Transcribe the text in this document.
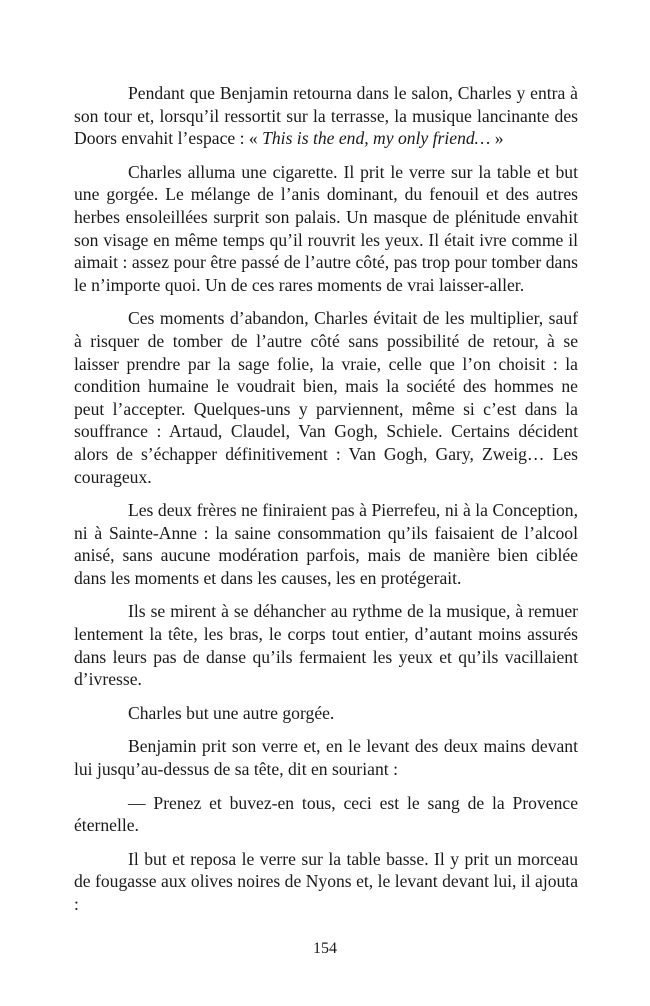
Pendant que Benjamin retourna dans le salon, Charles y entra à son tour et, lorsqu’il ressortit sur la terrasse, la musique lancinante des Doors envahit l’espace : « This is the end, my only friend… »

Charles alluma une cigarette. Il prit le verre sur la table et but une gorgée. Le mélange de l’anis dominant, du fenouil et des autres herbes ensoleillées surprit son palais. Un masque de plénitude envahit son visage en même temps qu’il rouvrit les yeux. Il était ivre comme il aimait : assez pour être passé de l’autre côté, pas trop pour tomber dans le n’importe quoi. Un de ces rares moments de vrai laisser-aller.

Ces moments d’abandon, Charles évitait de les multiplier, sauf à risquer de tomber de l’autre côté sans possibilité de retour, à se laisser prendre par la sage folie, la vraie, celle que l’on choisit : la condition humaine le voudrait bien, mais la société des hommes ne peut l’accepter. Quelques-uns y parviennent, même si c’est dans la souffrance : Artaud, Claudel, Van Gogh, Schiele. Certains décident alors de s’échapper définitivement : Van Gogh, Gary, Zweig… Les courageux.

Les deux frères ne finiraient pas à Pierrefeu, ni à la Conception, ni à Sainte-Anne : la saine consommation qu’ils faisaient de l’alcool anisé, sans aucune modération parfois, mais de manière bien ciblée dans les moments et dans les causes, les en protégerait.

Ils se mirent à se déhancher au rythme de la musique, à remuer lentement la tête, les bras, le corps tout entier, d’autant moins assurés dans leurs pas de danse qu’ils fermaient les yeux et qu’ils vacillaient d’ivresse.

Charles but une autre gorgée.

Benjamin prit son verre et, en le levant des deux mains devant lui jusqu’au-dessus de sa tête, dit en souriant :

— Prenez et buvez-en tous, ceci est le sang de la Provence éternelle.

Il but et reposa le verre sur la table basse. Il y prit un morceau de fougasse aux olives noires de Nyons et, le levant devant lui, il ajouta :

154
